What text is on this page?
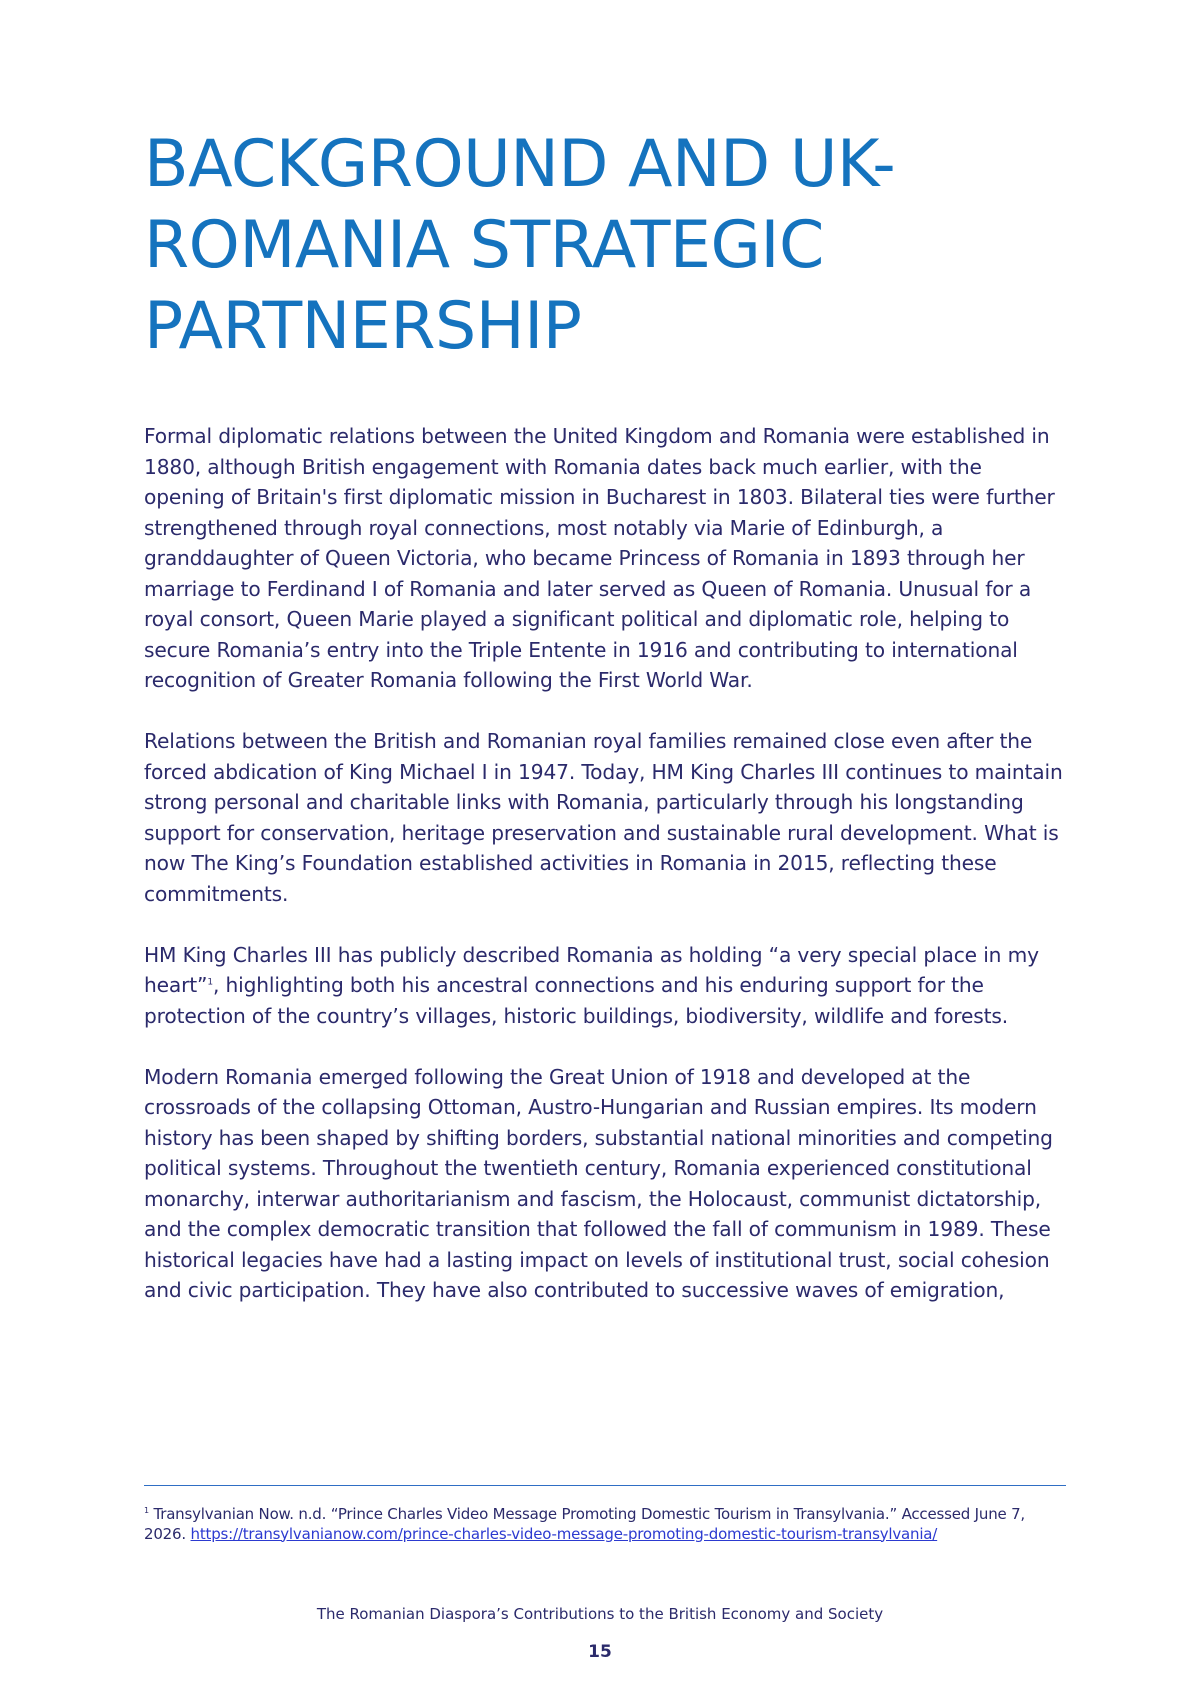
BACKGROUND AND UK-
ROMANIA STRATEGIC
PARTNERSHIP

Formal diplomatic relations between the United Kingdom and Romania were established in 1880, although British engagement with Romania dates back much earlier, with the opening of Britain's first diplomatic mission in Bucharest in 1803. Bilateral ties were further strengthened through royal connections, most notably via Marie of Edinburgh, a granddaughter of Queen Victoria, who became Princess of Romania in 1893 through her marriage to Ferdinand I of Romania and later served as Queen of Romania. Unusual for a royal consort, Queen Marie played a significant political and diplomatic role, helping to secure Romania’s entry into the Triple Entente in 1916 and contributing to international recognition of Greater Romania following the First World War.

Relations between the British and Romanian royal families remained close even after the forced abdication of King Michael I in 1947. Today, HM King Charles III continues to maintain strong personal and charitable links with Romania, particularly through his longstanding support for conservation, heritage preservation and sustainable rural development. What is now The King’s Foundation established activities in Romania in 2015, reflecting these commitments.

HM King Charles III has publicly described Romania as holding “a very special place in my heart”$^1$, highlighting both his ancestral connections and his enduring support for the protection of the country’s villages, historic buildings, biodiversity, wildlife and forests.

Modern Romania emerged following the Great Union of 1918 and developed at the crossroads of the collapsing Ottoman, Austro-Hungarian and Russian empires. Its modern history has been shaped by shifting borders, substantial national minorities and competing political systems. Throughout the twentieth century, Romania experienced constitutional monarchy, interwar authoritarianism and fascism, the Holocaust, communist dictatorship, and the complex democratic transition that followed the fall of communism in 1989. These historical legacies have had a lasting impact on levels of institutional trust, social cohesion and civic participation. They have also contributed to successive waves of emigration,

$^1$ Transylvanian Now. n.d. “Prince Charles Video Message Promoting Domestic Tourism in Transylvania.” Accessed June 7, 2026. https://transylvanianow.com/prince-charles-video-message-promoting-domestic-tourism-transylvania/

The Romanian Diaspora’s Contributions to the British Economy and Society
15
